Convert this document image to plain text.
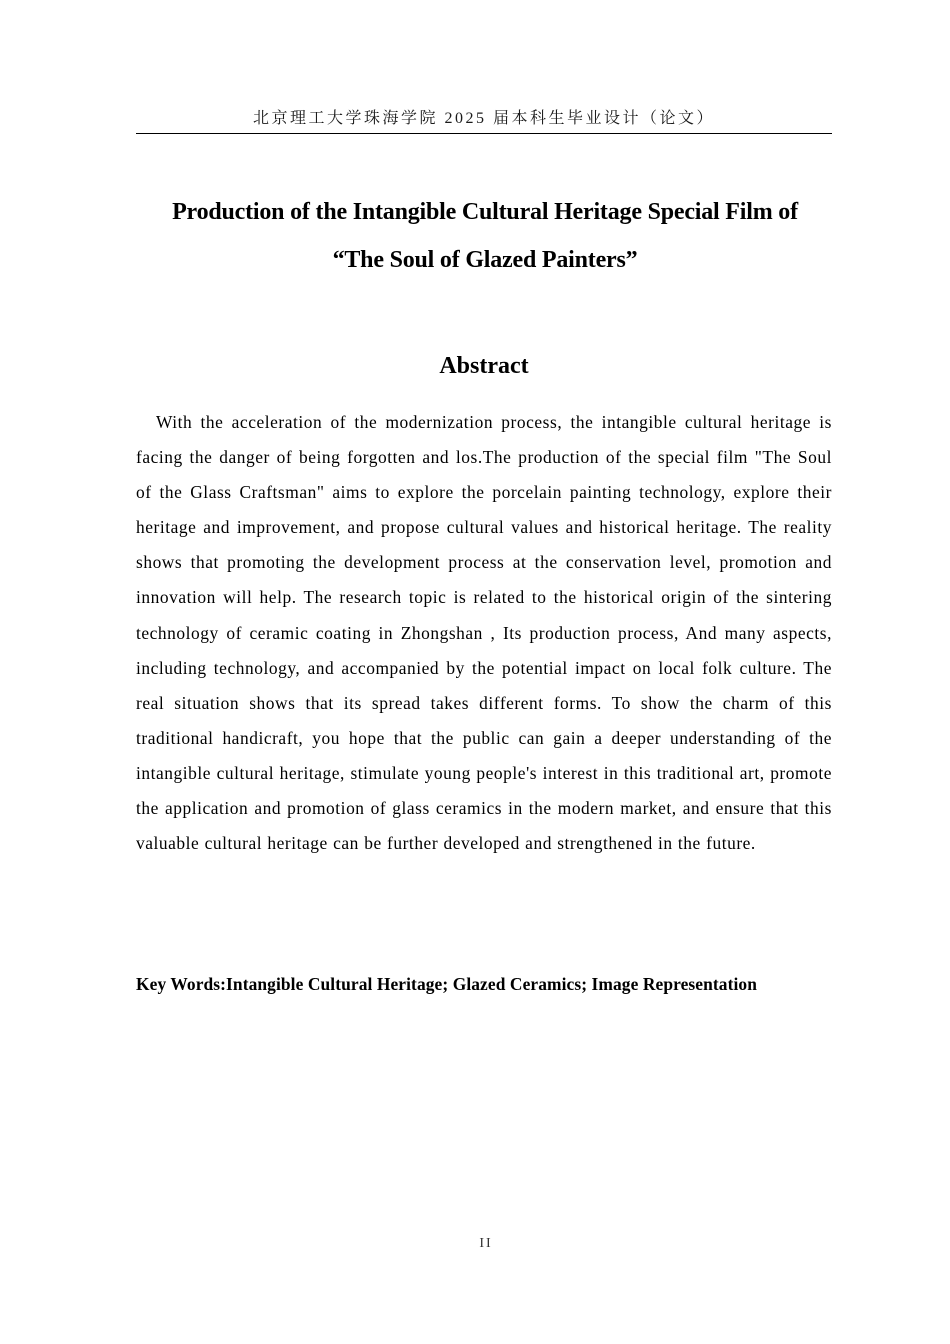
北京理工大学珠海学院 2025 届本科生毕业设计（论文）
Production of the Intangible Cultural Heritage Special Film of
“The Soul of Glazed Painters”
Abstract
With the acceleration of the modernization process, the intangible cultural heritage is facing the danger of being forgotten and los.The production of the special film "The Soul of the Glass Craftsman" aims to explore the porcelain painting technology, explore their heritage and improvement, and propose cultural values and historical heritage. The reality shows that promoting the development process at the conservation level, promotion and innovation will help. The research topic is related to the historical origin of the sintering technology of ceramic coating in Zhongshan , Its production process, And many aspects, including technology, and accompanied by the potential impact on local folk culture. The real situation shows that its spread takes different forms. To show the charm of this traditional handicraft, you hope that the public can gain a deeper understanding of the intangible cultural heritage, stimulate young people's interest in this traditional art, promote the application and promotion of glass ceramics in the modern market, and ensure that this valuable cultural heritage can be further developed and strengthened in the future.
Key Words:Intangible Cultural Heritage; Glazed Ceramics; Image Representation
II
